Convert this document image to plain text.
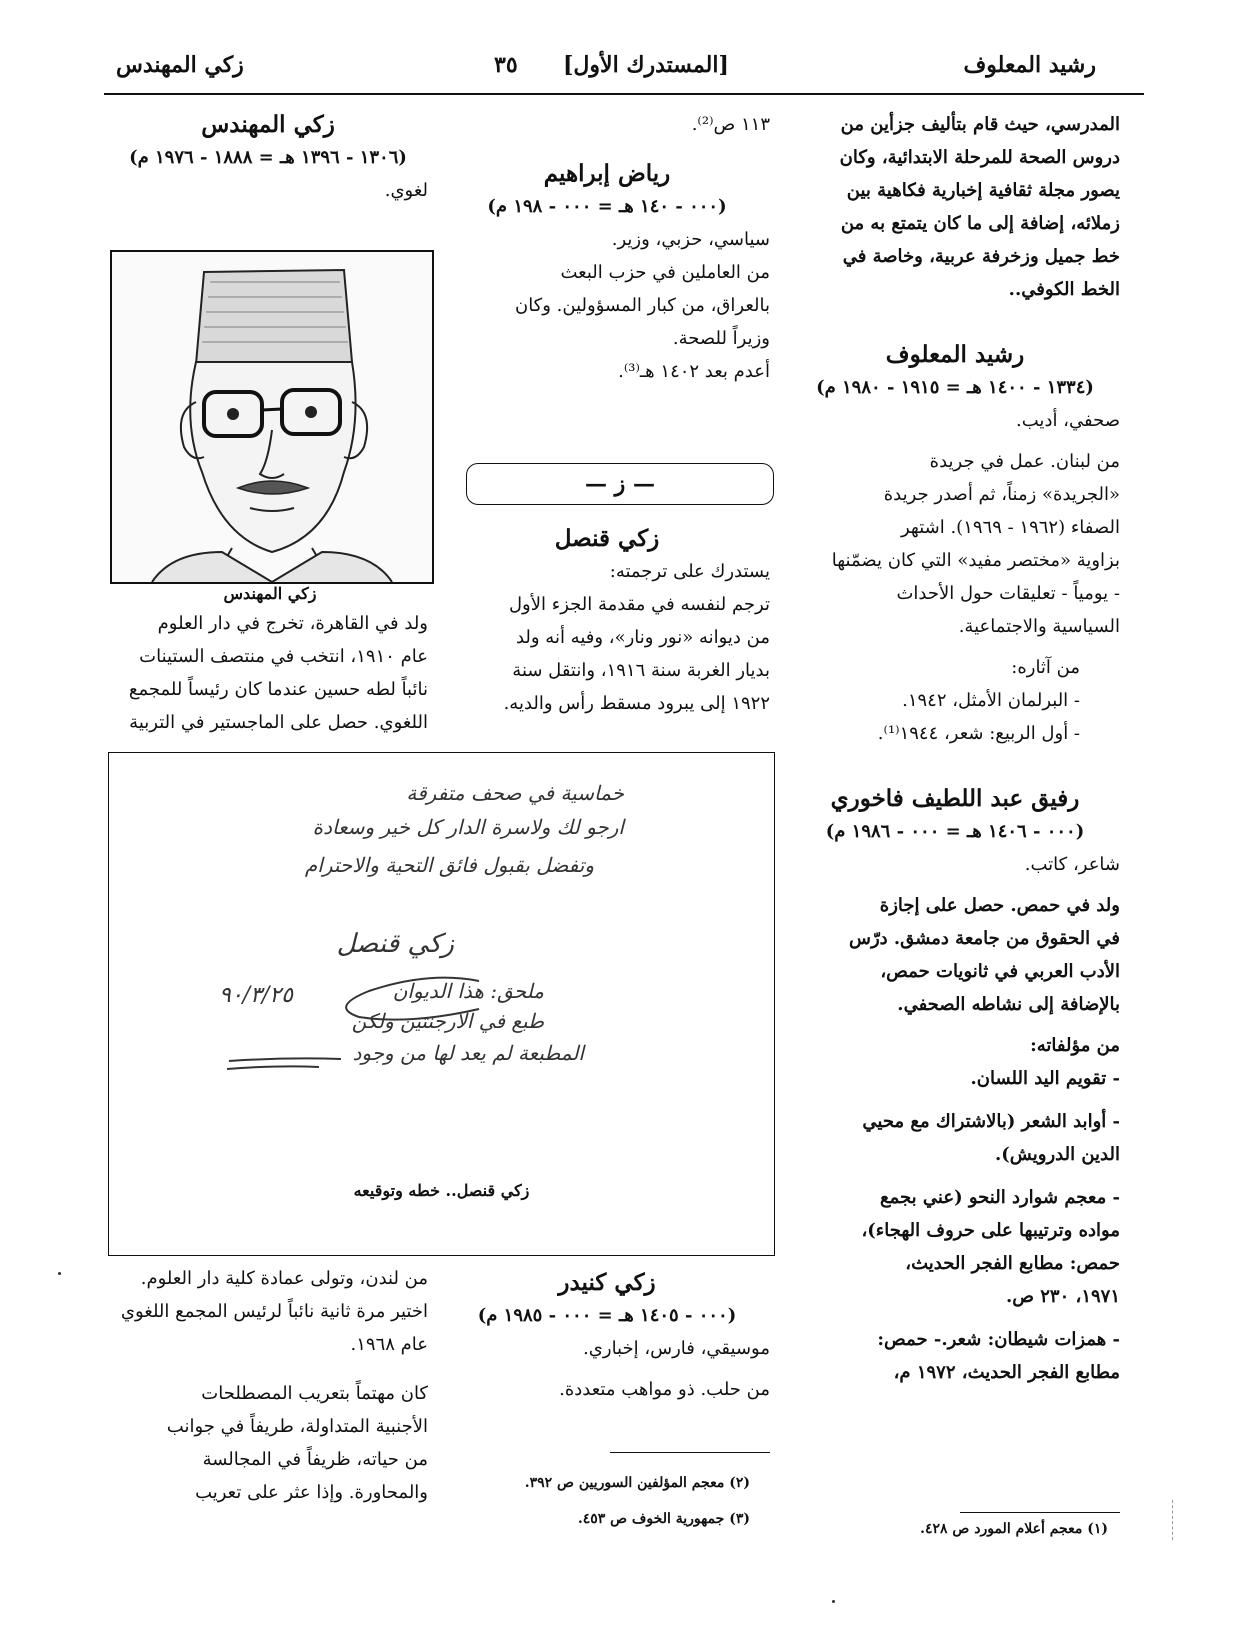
رشيد المعلوف
[المستدرك الأول]
٣٥
زكي المهندس

المدرسي، حيث قام بتأليف جزأين من

دروس الصحة للمرحلة الابتدائية، وكان

يصور مجلة ثقافية إخبارية فكاهية بين

زملائه، إضافة إلى ما كان يتمتع به من

خط جميل وزخرفة عربية، وخاصة في

الخط الكوفي..

رشيد المعلوف

(١٣٣٤ - ١٤٠٠ هـ = ١٩١٥ - ١٩٨٠ م)

صحفي، أديب.

من لبنان. عمل في جريدة

«الجريدة» زمناً، ثم أصدر جريدة

الصفاء (١٩٦٢ - ١٩٦٩). اشتهر

بزاوية «مختصر مفيد» التي كان يضمّنها

- يومياً - تعليقات حول الأحداث

السياسية والاجتماعية.

من آثاره:

- البرلمان الأمثل، ١٩٤٢.

- أول الربيع: شعر، ١٩٤٤⁽¹⁾.

رفيق عبد اللطيف فاخوري

(٠٠٠ - ١٤٠٦ هـ = ٠٠٠ - ١٩٨٦ م)

شاعر، كاتب.

ولد في حمص. حصل على إجازة

في الحقوق من جامعة دمشق. درّس

الأدب العربي في ثانويات حمص،

بالإضافة إلى نشاطه الصحفي.

من مؤلفاته:

- تقويم اليد اللسان.

- أوابد الشعر (بالاشتراك مع محيي

الدين الدرويش).

- معجم شوارد النحو (عني بجمع

مواده وترتيبها على حروف الهجاء)،

حمص: مطابع الفجر الحديث،

١٩٧١، ٢٣٠ ص.

- همزات شيطان: شعر.- حمص:

مطابع الفجر الحديث، ١٩٧٢ م،

(١) معجم أعلام المورد ص ٤٢٨.

١١٣ ص⁽²⁾.

رياض إبراهيم

(٠٠٠ - ١٤٠ هـ = ٠٠٠ - ١٩٨ م)

سياسي، حزبي، وزير.

من العاملين في حزب البعث

بالعراق، من كبار المسؤولين. وكان

وزيراً للصحة.

أعدم بعد ١٤٠٢ هـ⁽³⁾.

— ز —

زكي قنصل

يستدرك على ترجمته:

ترجم لنفسه في مقدمة الجزء الأول

من ديوانه «نور ونار»، وفيه أنه ولد

بديار الغربة سنة ١٩١٦، وانتقل سنة

١٩٢٢ إلى يبرود مسقط رأس والديه.

زكي كنيدر

(٠٠٠ - ١٤٠٥ هـ = ٠٠٠ - ١٩٨٥ م)

موسيقي، فارس، إخباري.

من حلب. ذو مواهب متعددة.

(٢) معجم المؤلفين السوريين ص ٣٩٢.

(٣) جمهورية الخوف ص ٤٥٣.

زكي المهندس

(١٣٠٦ - ١٣٩٦ هـ = ١٨٨٨ - ١٩٧٦ م)

لغوي.

زكي المهندس

ولد في القاهرة، تخرج في دار العلوم

عام ١٩١٠، انتخب في منتصف الستينات

نائباً لطه حسين عندما كان رئيساً للمجمع

اللغوي. حصل على الماجستير في التربية

خماسية في صحف متفرقة
ارجو لك ولاسرة الدار كل خير وسعادة
وتفضل بقبول فائق التحية والاحترام
زكي قنصل
٩٠/٣/٢٥	ملحق: هذا الديوان
طبع في الارجنتين ولكن
المطبعة لم يعد لها من وجود
زكي قنصل.. خطه وتوقيعه

من لندن، وتولى عمادة كلية دار العلوم.

اختير مرة ثانية نائباً لرئيس المجمع اللغوي

عام ١٩٦٨.

كان مهتماً بتعريب المصطلحات

الأجنبية المتداولة، طريفاً في جوانب

من حياته، ظريفاً في المجالسة

والمحاورة. وإذا عثر على تعريب
